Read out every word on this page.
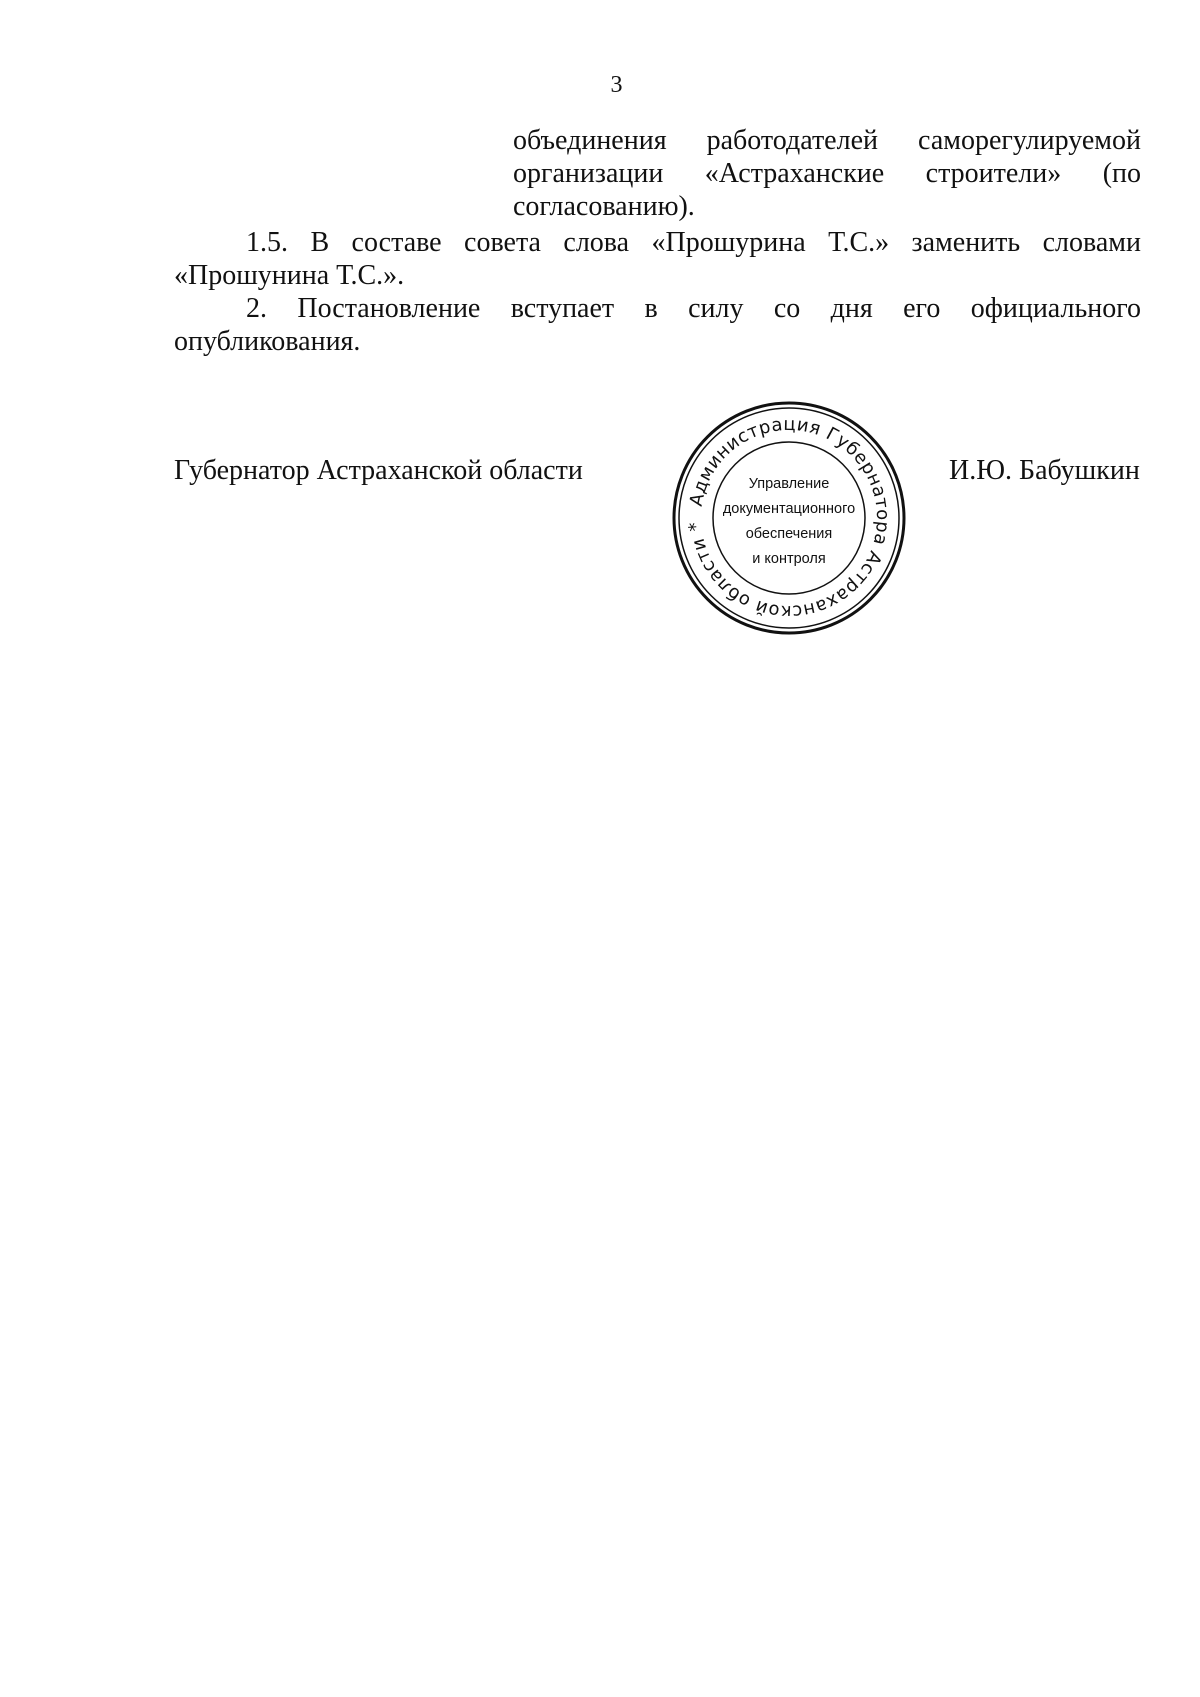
3
объединения работодателей саморегулируемой организации «Астраханские строители» (по согласованию).
1.5. В составе совета слова «Прошурина Т.С.» заменить словами «Прошунина Т.С.».
2. Постановление вступает в силу со дня его официального опубликования.
Губернатор Астраханской области
Администрация Губернатора Астраханской области *
Управление
документационного
обеспечения
и контроля
И.Ю. Бабушкин
